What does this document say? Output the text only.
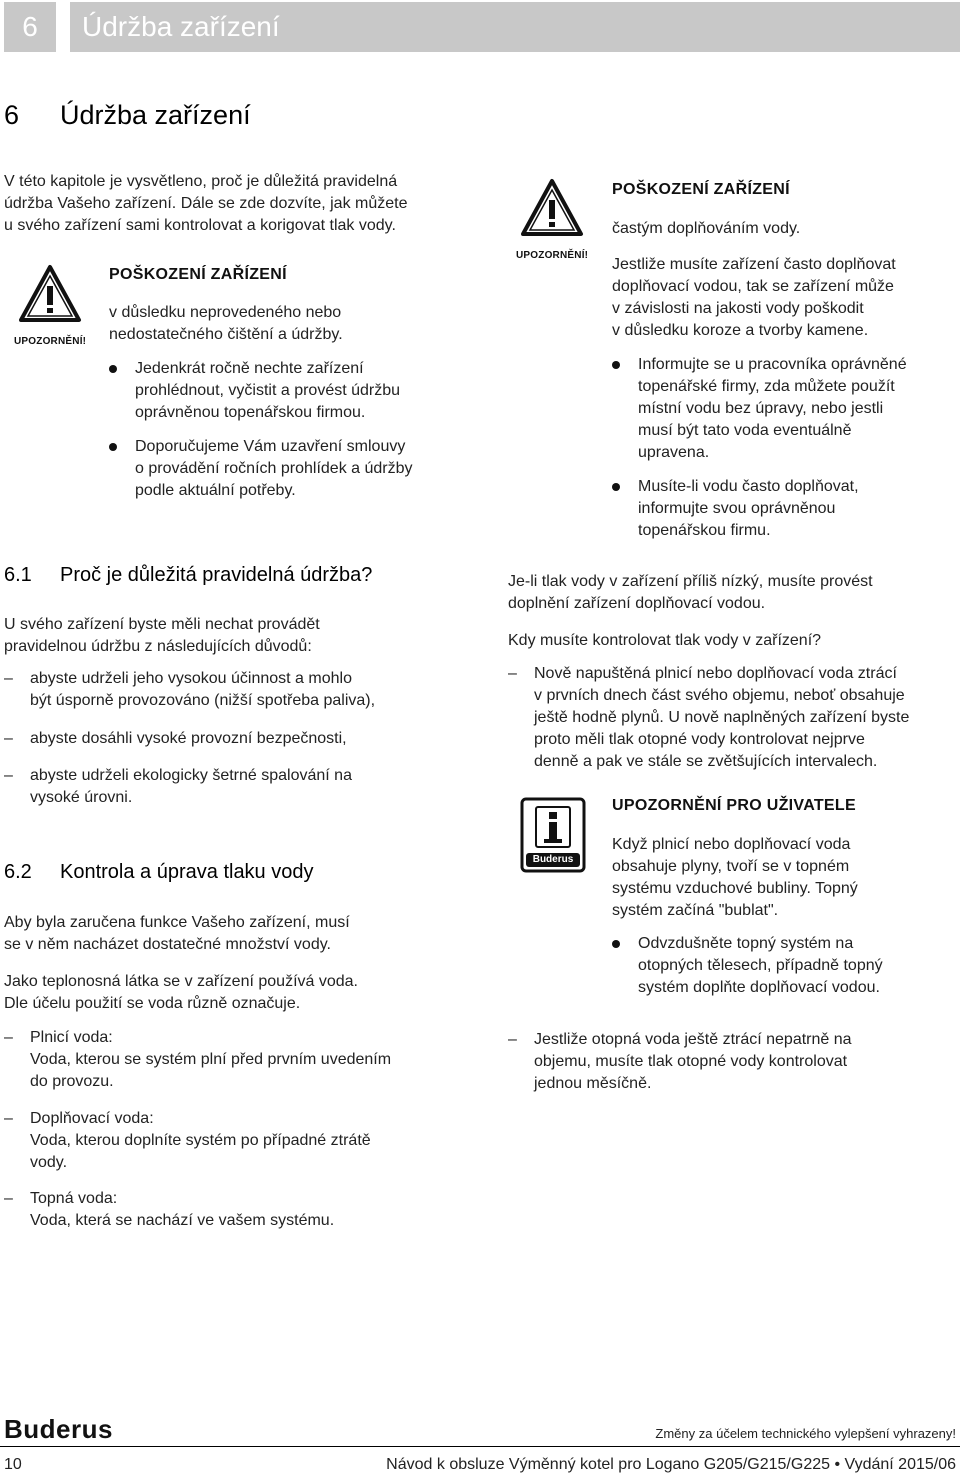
6	Údržba zařízení
6 Údržba zařízení
V této kapitole je vysvětleno, proč je důležitá pravidelná
údržba Vašeho zařízení. Dále se zde dozvíte, jak můžete
u svého zařízení sami kontrolovat a korigovat tlak vody.
UPOZORNĚNÍ!
POŠKOZENÍ ZAŘÍZENÍ
v důsledku neprovedeného nebo
nedostatečného čištění a údržby.
Jedenkrát ročně nechte zařízení
prohlédnout, vyčistit a provést údržbu
oprávněnou topenářskou firmou.
Doporučujeme Vám uzavření smlouvy
o provádění ročních prohlídek a údržby
podle aktuální potřeby.
6.1 Proč je důležitá pravidelná údržba?
U svého zařízení byste měli nechat provádět
pravidelnou údržbu z následujících důvodů:
– abyste udrželi jeho vysokou účinnost a mohlo
být úsporně provozováno (nižší spotřeba paliva),
– abyste dosáhli vysoké provozní bezpečnosti,
– abyste udrželi ekologicky šetrné spalování na
vysoké úrovni.
6.2 Kontrola a úprava tlaku vody
Aby byla zaručena funkce Vašeho zařízení, musí
se v něm nacházet dostatečné množství vody.
Jako teplonosná látka se v zařízení používá voda.
Dle účelu použití se voda různě označuje.
– Plnicí voda:
Voda, kterou se systém plní před prvním uvedením
do provozu.
– Doplňovací voda:
Voda, kterou doplníte systém po případné ztrátě
vody.
– Topná voda:
Voda, která se nachází ve vašem systému.
UPOZORNĚNÍ!
POŠKOZENÍ ZAŘÍZENÍ
častým doplňováním vody.
Jestliže musíte zařízení často doplňovat
doplňovací vodou, tak se zařízení může
v závislosti na jakosti vody poškodit
v důsledku koroze a tvorby kamene.
Informujte se u pracovníka oprávněné
topenářské firmy, zda můžete použít
místní vodu bez úpravy, nebo jestli
musí být tato voda eventuálně
upravena.
Musíte-li vodu často doplňovat,
informujte svou oprávněnou
topenářskou firmu.
Je-li tlak vody v zařízení příliš nízký, musíte provést
doplnění zařízení doplňovací vodou.
Kdy musíte kontrolovat tlak vody v zařízení?
– Nově napuštěná plnicí nebo doplňovací voda ztrácí
v prvních dnech část svého objemu, neboť obsahuje
ještě hodně plynů. U nově naplněných zařízení byste
proto měli tlak otopné vody kontrolovat nejprve
denně a pak ve stále se zvětšujících intervalech.
Buderus
UPOZORNĚNÍ PRO UŽIVATELE
Když plnicí nebo doplňovací voda
obsahuje plyny, tvoří se v topném
systému vzduchové bubliny. Topný
systém začíná "bublat".
Odvzdušněte topný systém na
otopných tělesech, případně topný
systém doplňte doplňovací vodou.
– Jestliže otopná voda ještě ztrácí nepatrně na
objemu, musíte tlak otopné vody kontrolovat
jednou měsíčně.
Buderus	Změny za účelem technického vylepšení vyhrazeny!
10	Návod k obsluze Výměnný kotel pro Logano G205/G215/G225 • Vydání 2015/06
